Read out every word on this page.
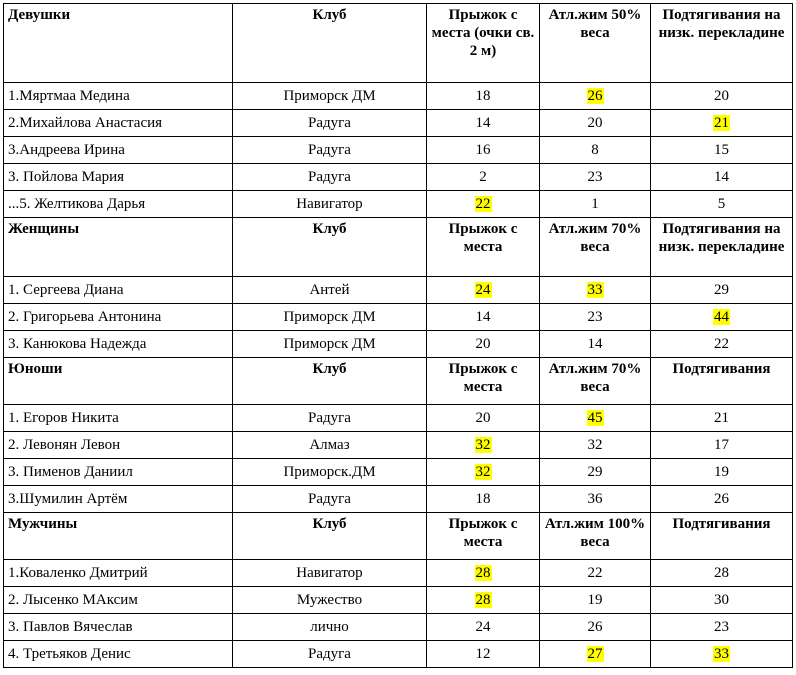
Девушки	Клуб	Прыжок с места (очки св. 2 м)	Атл.жим 50% веса	Подтягивания на низк. перекладине
1.Мяртмаа Медина	Приморск ДМ	18	26	20
2.Михайлова Анастасия	Радуга	14	20	21
3.Андреева Ирина	Радуга	16	8	15
3. Пойлова Мария	Радуга	2	23	14
...5. Желтикова Дарья	Навигатор	22	1	5
Женщины	Клуб	Прыжок с места	Атл.жим 70% веса	Подтягивания на низк. перекладине
1. Сергеева Диана	Антей	24	33	29
2. Григорьева Антонина	Приморск ДМ	14	23	44
3. Канюкова Надежда	Приморск ДМ	20	14	22
Юноши	Клуб	Прыжок с места	Атл.жим 70% веса	Подтягивания
1. Егоров Никита	Радуга	20	45	21
2. Левонян Левон	Алмаз	32	32	17
3. Пименов Даниил	Приморск.ДМ	32	29	19
3.Шумилин Артём	Радуга	18	36	26
Мужчины	Клуб	Прыжок с места	Атл.жим 100% веса	Подтягивания
1.Коваленко Дмитрий	Навигатор	28	22	28
2. Лысенко МАксим	Мужество	28	19	30
3. Павлов Вячеслав	лично	24	26	23
4. Третьяков Денис	Радуга	12	27	33
